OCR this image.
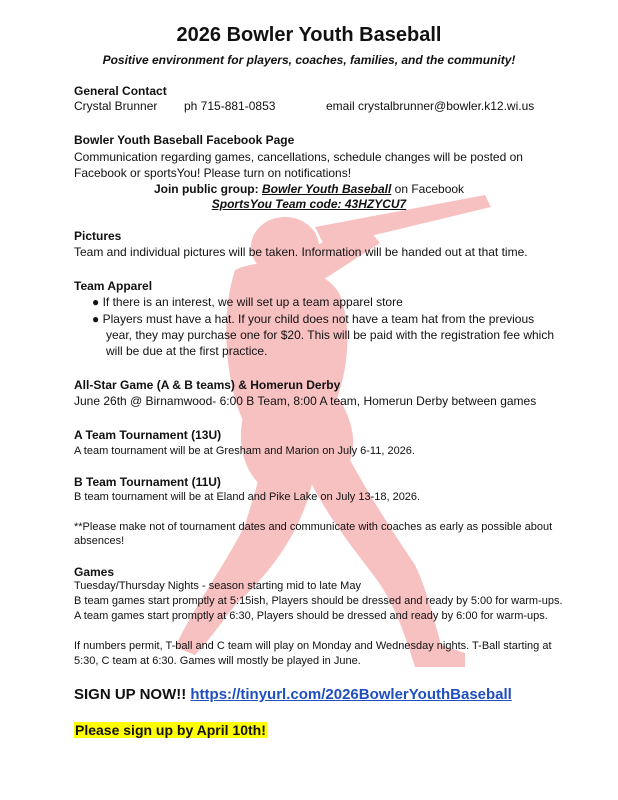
2026 Bowler Youth Baseball
Positive environment for players, coaches, families, and the community!
General Contact
Crystal Brunner ph 715-881-0853	email crystalbrunner@bowler.k12.wi.us
Bowler Youth Baseball Facebook Page
Communication regarding games, cancellations, schedule changes will be posted on
Facebook or sportsYou! Please turn on notifications!
Join public group: Bowler Youth Baseball on Facebook
SportsYou Team code: 43HZYCU7
Pictures
Team and individual pictures will be taken. Information will be handed out at that time.
Team Apparel
● If there is an interest, we will set up a team apparel store
● Players must have a hat. If your child does not have a team hat from the previous
year, they may purchase one for $20. This will be paid with the registration fee which
will be due at the first practice.
All-Star Game (A & B teams) & Homerun Derby
June 26th @ Birnamwood- 6:00 B Team, 8:00 A team, Homerun Derby between games
A Team Tournament (13U)
A team tournament will be at Gresham and Marion on July 6-11, 2026.
B Team Tournament (11U)
B team tournament will be at Eland and Pike Lake on July 13-18, 2026.
**Please make not of tournament dates and communicate with coaches as early as possible about
absences!
Games
Tuesday/Thursday Nights - season starting mid to late May
B team games start promptly at 5:15ish, Players should be dressed and ready by 5:00 for warm-ups.
A team games start promptly at 6:30, Players should be dressed and ready by 6:00 for warm-ups.
If numbers permit, T-ball and C team will play on Monday and Wednesday nights. T-Ball starting at
5:30, C team at 6:30. Games will mostly be played in June.
SIGN UP NOW!! https://tinyurl.com/2026BowlerYouthBaseball
Please sign up by April 10th!
